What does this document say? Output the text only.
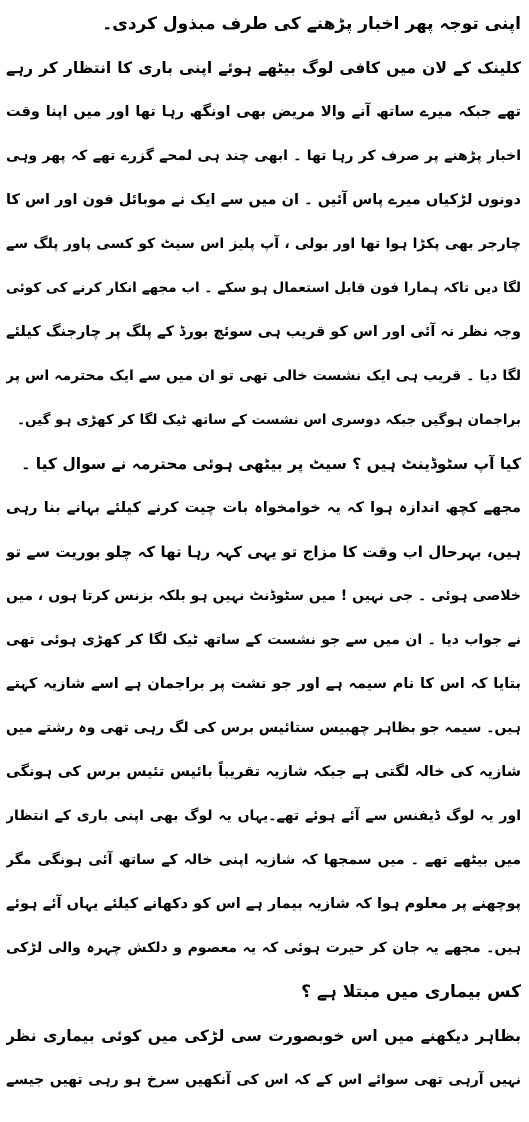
اپنی توجہ پھر اخبار پڑھنے کی طرف مبذول کردی۔
کلینک کے لان میں کافی لوگ بیٹھے ہوئے اپنی باری کا انتظار کر رہے
تھے جبکہ میرے ساتھ آنے والا مریض بھی اونگھ رہا تھا اور میں اپنا وقت
اخبار پڑھنے پر صرف کر رہا تھا ۔ ابھی چند ہی لمحے گزرے تھے کہ پھر وہی
دونوں لڑکیاں میرے پاس آئیں ۔ ان میں سے ایک نے موبائل فون اور اس کا
چارجر بھی پکڑا ہوا تھا اور بولی ، آپ پلیز اس سیٹ کو کسی پاور پلگ سے
لگا دیں تاکہ ہمارا فون قابل استعمال ہو سکے ۔ اب مجھے انکار کرنے کی کوئی
وجہ نظر نہ آئی اور اس کو قریب ہی سوئچ بورڈ کے پلگ پر چارجنگ کیلئے
لگا دیا ۔ قریب ہی ایک نشست خالی تھی تو ان میں سے ایک محترمہ اس پر
براجمان ہوگیں جبکہ دوسری اس نشست کے ساتھ ٹیک لگا کر کھڑی ہو گیں۔
کیا آپ سٹوڈینٹ ہیں ؟ سیٹ پر بیٹھی ہوئی محترمہ نے سوال کیا ۔
مجھے کچھ اندازہ ہوا کہ یہ خوامخواہ بات چیت کرنے کیلئے بہانے بنا رہی
ہیں، بہرحال اب وقت کا مزاج تو یہی کہہ رہا تھا کہ چلو بوریت سے تو
خلاصی ہوئی ۔ جی نہیں ! میں سٹوڈنٹ نہیں ہو بلکہ بزنس کرتا ہوں ، میں
نے جواب دیا ۔ ان میں سے جو نشست کے ساتھ ٹیک لگا کر کھڑی ہوئی تھی
بتایا کہ اس کا نام سیمہ ہے اور جو نشت پر براجمان ہے اسے شازیہ کہتے
ہیں۔ سیمہ جو بظاہر چھبیس ستائیس برس کی لگ رہی تھی وہ رشتے میں
شازیہ کی خالہ لگتی ہے جبکہ شازیہ تقریباً بائیس تئیس برس کی ہونگی
اور یہ لوگ ڈیفنس سے آئے ہوئے تھے۔یہاں یہ لوگ بھی اپنی باری کے انتظار
میں بیٹھے تھے ۔ میں سمجھا کہ شازیہ اپنی خالہ کے ساتھ آئی ہونگی مگر
پوچھنے پر معلوم ہوا کہ شازیہ بیمار ہے اس کو دکھانے کیلئے یہاں آئے ہوئے
ہیں۔ مجھے یہ جان کر حیرت ہوئی کہ یہ معصوم و دلکش چہرہ والی لڑکی
کس بیماری میں مبتلا ہے ؟
بظاہر دیکھنے میں اس خوبصورت سی لڑکی میں کوئی بیماری نظر
نہیں آرہی تھی سوائے اس کے کہ اس کی آنکھیں سرخ ہو رہی تھیں جیسے
